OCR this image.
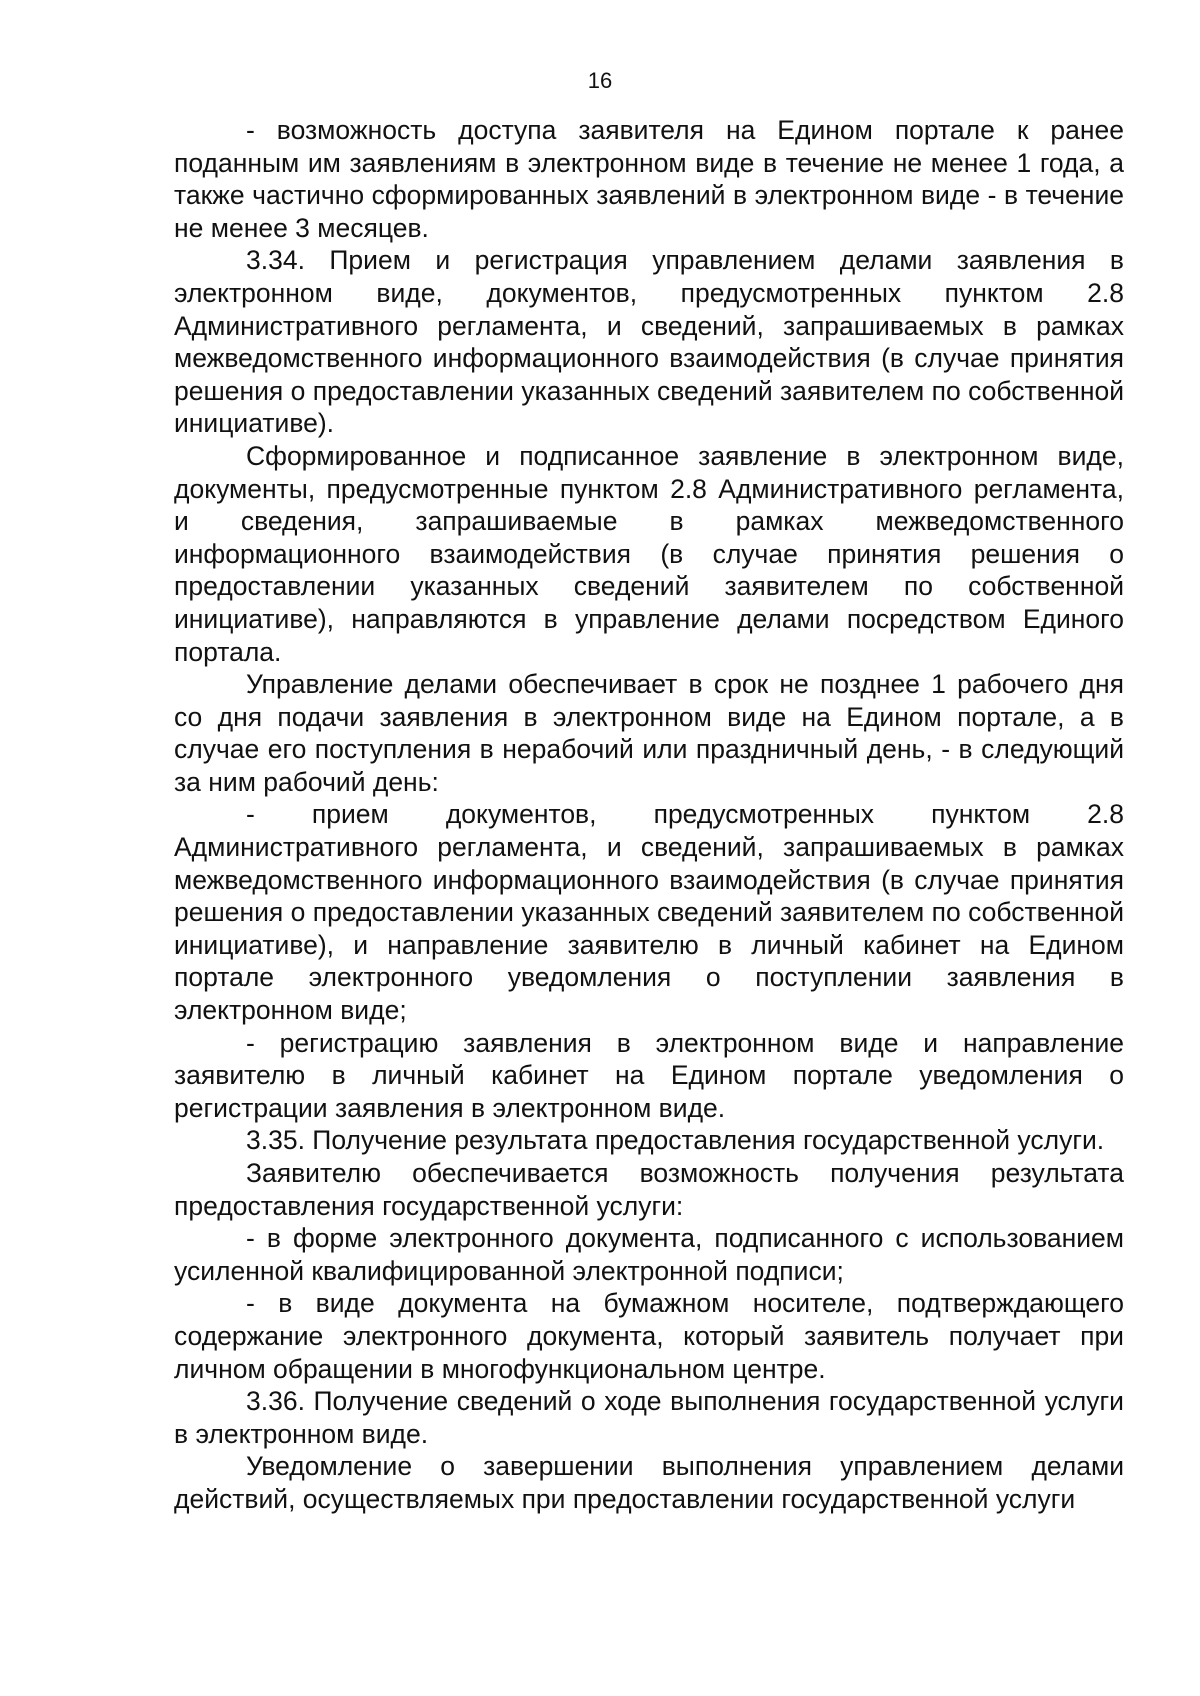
16

- возможность доступа заявителя на Едином портале к ранее поданным им заявлениям в электронном виде в течение не менее 1 года, а также частично сформированных заявлений в электронном виде - в течение не менее 3 месяцев.

3.34. Прием и регистрация управлением делами заявления в электронном виде, документов, предусмотренных пунктом 2.8 Административного регламента, и сведений, запрашиваемых в рамках межведомственного информационного взаимодействия (в случае принятия решения о предоставлении указанных сведений заявителем по собственной инициативе).

Сформированное и подписанное заявление в электронном виде, документы, предусмотренные пунктом 2.8 Административного регламента, и сведения, запрашиваемые в рамках межведомственного информационного взаимодействия (в случае принятия решения о предоставлении указанных сведений заявителем по собственной инициативе), направляются в управление делами посредством Единого портала.

Управление делами обеспечивает в срок не позднее 1 рабочего дня со дня подачи заявления в электронном виде на Едином портале, а в случае его поступления в нерабочий или праздничный день, - в следующий за ним рабочий день:

- прием документов, предусмотренных пунктом 2.8 Административного регламента, и сведений, запрашиваемых в рамках межведомственного информационного взаимодействия (в случае принятия решения о предоставлении указанных сведений заявителем по собственной инициативе), и направление заявителю в личный кабинет на Едином портале электронного уведомления о поступлении заявления в электронном виде;

- регистрацию заявления в электронном виде и направление заявителю в личный кабинет на Едином портале уведомления о регистрации заявления в электронном виде.

3.35. Получение результата предоставления государственной услуги.

Заявителю обеспечивается возможность получения результата предоставления государственной услуги:

- в форме электронного документа, подписанного с использованием усиленной квалифицированной электронной подписи;

- в виде документа на бумажном носителе, подтверждающего содержание электронного документа, который заявитель получает при личном обращении в многофункциональном центре.

3.36. Получение сведений о ходе выполнения государственной услуги в электронном виде.

Уведомление о завершении выполнения управлением делами действий, осуществляемых при предоставлении государственной услуги
